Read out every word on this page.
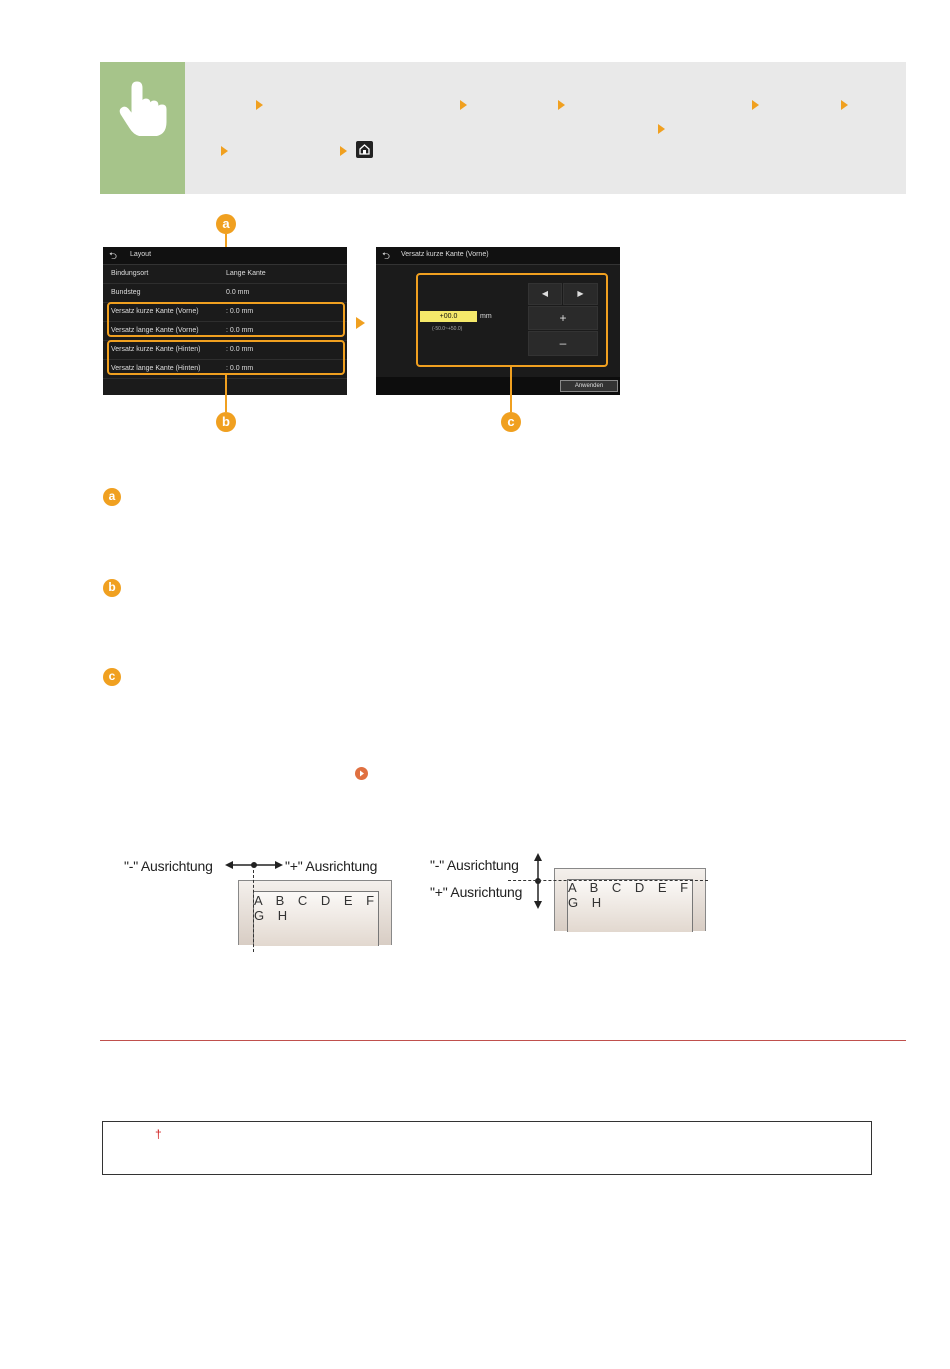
a
⮌ Layout
Bindungsort	Lange Kante
Bundsteg	0.0 mm
Versatz kurze Kante (Vorne)	: 0.0 mm
Versatz lange Kante (Vorne)	: 0.0 mm
Versatz kurze Kante (Hinten)	: 0.0 mm
Versatz lange Kante (Hinten)	: 0.0 mm
b
⮌ Versatz kurze Kante (Vorne)
+00.0	mm
(-50.0~+50.0)
◀	▶
+
–
Anwenden
c
a
b
c
"-" Ausrichtung	"+" Ausrichtung
A B C D E F G H
"-" Ausrichtung
"+" Ausrichtung	A B C D E F G H
†
